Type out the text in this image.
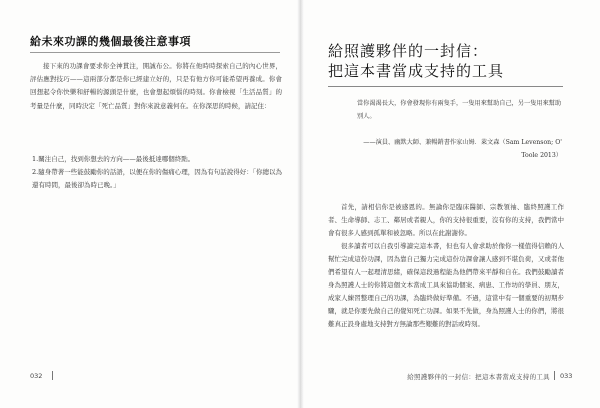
給未來功課的幾個最後注意事項
接下來的功課會要求你全神貫注，開誠布公。你將在他時時探索自己的內心世界，評估應對技巧——這兩部分都是你已經建立好的，只是有他方你可能希望再養成。你會回想起令你快樂和舒暢的源頭是什麼，也會想起煩惱的時刻。你會檢視「生活品質」的考量是什麼，同時決定「死亡品質」對你來說意義何在。在你深思的時候，請記住：
1.關注自己，找到你想去的方向——最後抵達哪個終點。
2.隨身帶著一些能鼓勵你的話語，以便在你的傷痛心理，因為有句話說得好：「你總以為還有時間，最後卻為時已晚。」
032
給照護夥伴的一封信：
把這本書當成支持的工具
當你渴渴長大，你會發現你有兩隻手，一隻用來幫助自己，另一隻用來幫助別人。
——演員、幽默大師、兼暢銷書作家山姆．萊文森（Sam Levenson; O' Toole 2013）

首先，請相信你是被感恩的。無論你是臨床醫師、宗教領袖、臨終照護工作者、生命導師、志工、鄰居或者親人，你的支持很重要，沒有你的支持，我們當中會有很多人感到孤單和被忽略。所以在此謝謝你。

很多讀者可以自我引導讀完這本書，但也有人會求助於像你一樣值得信賴的人幫忙完成這份功課，因為靠自己獨力完成這份功課會讓人感到不堪負荷，又或者他們希望有人一起理清思緒，確保這段過程能為他們帶來平靜和自在。我們鼓勵讀者身為照護人士的你將這個文本當成工具來協助個案、病患、工作坊的學員、朋友，成家人練習整理自己的功課，為臨終做好準備。不過，這當中有一個重要的初期步驟，就是你要先做自己的覺知死亡功課。如果不先做，身為照護人士的你們，將很難真正設身處地支持對方無論那些艱難的對話或時刻。

給照護夥伴的一封信：把這本書當成支持的工具 033
